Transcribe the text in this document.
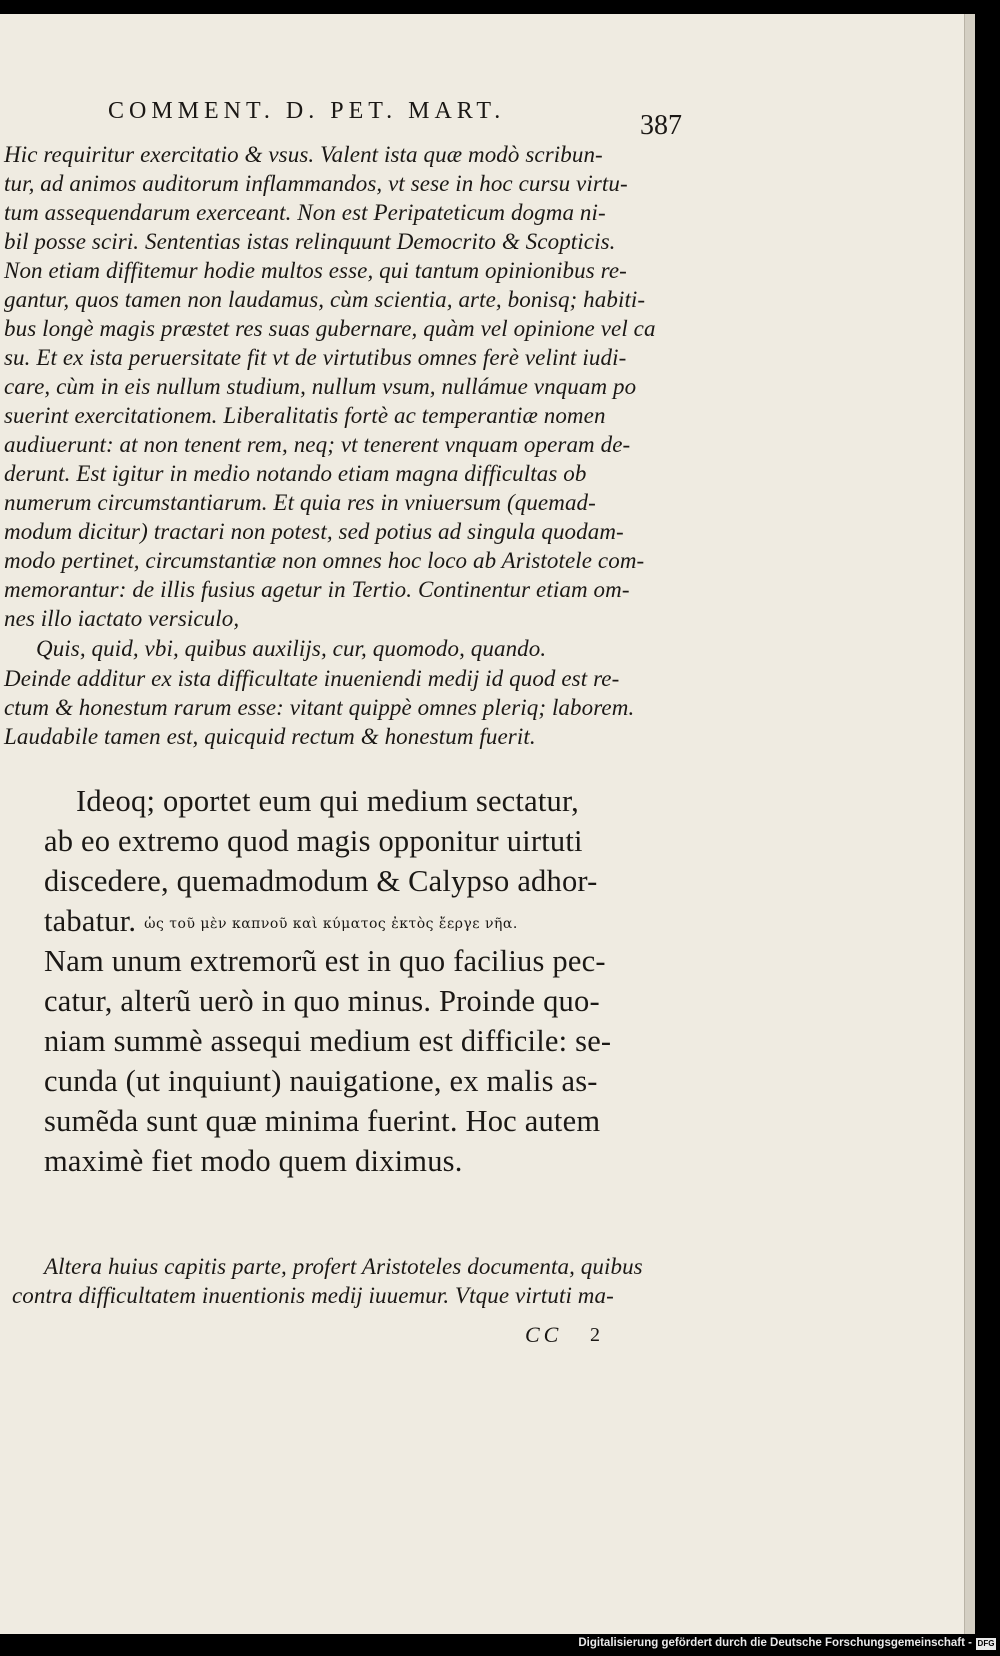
COMMENT. D. PET. MART.	387
Hic requiritur exercitatio & vsus. Valent ista quæ modò scribun-
tur, ad animos auditorum inflammandos, vt sese in hoc cursu virtu-
tum assequendarum exerceant. Non est Peripateticum dogma ni-
bil posse sciri. Sententias istas relinquunt Democrito & Scopticis.
Non etiam diffitemur hodie multos esse, qui tantum opinionibus re-
gantur, quos tamen non laudamus, cùm scientia, arte, bonisq; habiti-
bus longè magis præstet res suas gubernare, quàm vel opinione vel ca
su. Et ex ista peruersitate fit vt de virtutibus omnes ferè velint iudi-
care, cùm in eis nullum studium, nullum vsum, nullámue vnquam po
suerint exercitationem. Liberalitatis fortè ac temperantiæ nomen
audiuerunt: at non tenent rem, neq; vt tenerent vnquam operam de-
derunt. Est igitur in medio notando etiam magna difficultas ob
numerum circumstantiarum. Et quia res in vniuersum (quemad-
modum dicitur) tractari non potest, sed potius ad singula quodam-
modo pertinet, circumstantiæ non omnes hoc loco ab Aristotele com-
memorantur: de illis fusius agetur in Tertio. Continentur etiam om-
nes illo iactato versiculo,
Quis, quid, vbi, quibus auxilijs, cur, quomodo, quando.
Deinde additur ex ista difficultate inueniendi medij id quod est re-
ctum & honestum rarum esse: vitant quippè omnes pleriq; laborem.
Laudabile tamen est, quicquid rectum & honestum fuerit.
Ideoq; oportet eum qui medium sectatur,
ab eo extremo quod magis opponitur uirtuti
discedere, quemadmodum & Calypso adhor-
tabatur. ὡς τοῦ μὲν καπνοῦ καὶ κύματος ἐκτὸς ἔεργε νῆα.
Nam unum extremorũ est in quo facilius pec-
catur, alterũ uerò in quo minus. Proinde quo-
niam summè assequi medium est difficile: se-
cunda (ut inquiunt) nauigatione, ex malis as-
sumẽda sunt quæ minima fuerint. Hoc autem
maximè fiet modo quem diximus.
Altera huius capitis parte, profert Aristoteles documenta, quibus
contra difficultatem inuentionis medij iuuemur. Vtque virtuti ma-
CC 2
Digitalisierung gefördert durch die Deutsche Forschungsgemeinschaft - DFG
